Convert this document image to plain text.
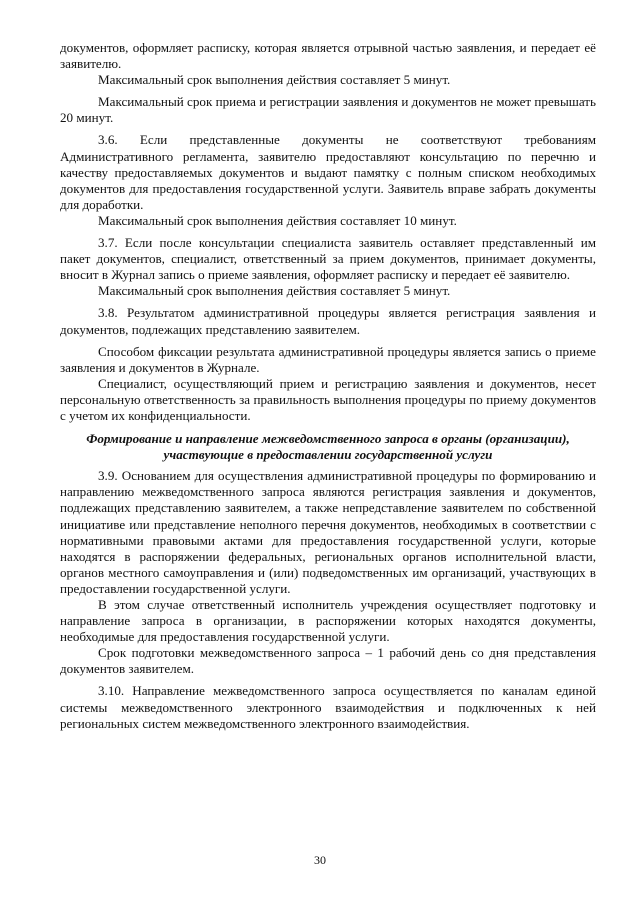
документов, оформляет расписку, которая является отрывной частью заявления, и передает её заявителю.

Максимальный срок выполнения действия составляет 5 минут.

Максимальный срок приема и регистрации заявления и документов не может превышать 20 минут.

3.6. Если представленные документы не соответствуют требованиям Административного регламента, заявителю предоставляют консультацию по перечню и качеству предоставляемых документов и выдают памятку с полным списком необходимых документов для предоставления государственной услуги. Заявитель вправе забрать документы для доработки.

Максимальный срок выполнения действия составляет 10 минут.

3.7. Если после консультации специалиста заявитель оставляет представленный им пакет документов, специалист, ответственный за прием документов, принимает документы, вносит в Журнал запись о приеме заявления, оформляет расписку и передает её заявителю.

Максимальный срок выполнения действия составляет 5 минут.

3.8. Результатом административной процедуры является регистрация заявления и документов, подлежащих представлению заявителем.

Способом фиксации результата административной процедуры является запись о приеме заявления и документов в Журнале.

Специалист, осуществляющий прием и регистрацию заявления и документов, несет персональную ответственность за правильность выполнения процедуры по приему документов с учетом их конфиденциальности.

Формирование и направление межведомственного запроса в органы (организации), участвующие в предоставлении государственной услуги

3.9. Основанием для осуществления административной процедуры по формированию и направлению межведомственного запроса являются регистрация заявления и документов, подлежащих представлению заявителем, а также непредставление заявителем по собственной инициативе или представление неполного перечня документов, необходимых в соответствии с нормативными правовыми актами для предоставления государственной услуги, которые находятся в распоряжении федеральных, региональных органов исполнительной власти, органов местного самоуправления и (или) подведомственных им организаций, участвующих в предоставлении государственной услуги.

В этом случае ответственный исполнитель учреждения осуществляет подготовку и направление запроса в организации, в распоряжении которых находятся документы, необходимые для предоставления государственной услуги.

Срок подготовки межведомственного запроса – 1 рабочий день со дня представления документов заявителем.

3.10. Направление межведомственного запроса осуществляется по каналам единой системы межведомственного электронного взаимодействия и подключенных к ней региональных систем межведомственного электронного взаимодействия.

30
